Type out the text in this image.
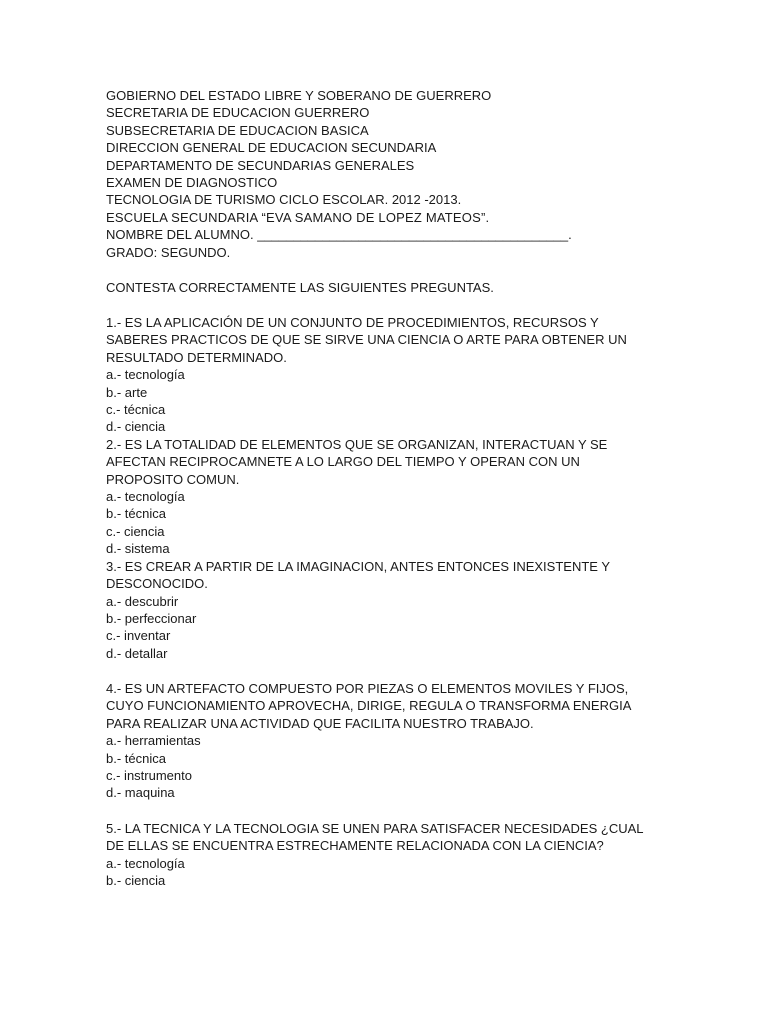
GOBIERNO DEL ESTADO LIBRE Y SOBERANO DE GUERRERO
SECRETARIA DE EDUCACION GUERRERO
SUBSECRETARIA DE EDUCACION BASICA
DIRECCION GENERAL DE EDUCACION SECUNDARIA
DEPARTAMENTO DE SECUNDARIAS GENERALES
EXAMEN DE DIAGNOSTICO
TECNOLOGIA DE TURISMO CICLO ESCOLAR. 2012 -2013.
ESCUELA SECUNDARIA “EVA SAMANO DE LOPEZ MATEOS”.
NOMBRE DEL ALUMNO. ___________________________________________.
GRADO: SEGUNDO.
CONTESTA CORRECTAMENTE LAS SIGUIENTES PREGUNTAS.
1.- ES LA APLICACIÓN DE UN CONJUNTO DE PROCEDIMIENTOS, RECURSOS Y
SABERES PRACTICOS DE QUE SE SIRVE UNA CIENCIA O ARTE PARA OBTENER UN
RESULTADO DETERMINADO.
a.- tecnología
b.- arte
c.- técnica
d.- ciencia
2.- ES LA TOTALIDAD DE ELEMENTOS QUE SE ORGANIZAN, INTERACTUAN Y SE
AFECTAN RECIPROCAMNETE A LO LARGO DEL TIEMPO Y OPERAN CON UN
PROPOSITO COMUN.
a.- tecnología
b.- técnica
c.- ciencia
d.- sistema
3.- ES CREAR A PARTIR DE LA IMAGINACION, ANTES ENTONCES INEXISTENTE Y
DESCONOCIDO.
a.- descubrir
b.- perfeccionar
c.- inventar
d.- detallar
4.- ES UN ARTEFACTO COMPUESTO POR PIEZAS O ELEMENTOS MOVILES Y FIJOS,
CUYO FUNCIONAMIENTO APROVECHA, DIRIGE, REGULA O TRANSFORMA ENERGIA
PARA REALIZAR UNA ACTIVIDAD QUE FACILITA NUESTRO TRABAJO.
a.- herramientas
b.- técnica
c.- instrumento
d.- maquina
5.- LA TECNICA Y LA TECNOLOGIA SE UNEN PARA SATISFACER NECESIDADES ¿CUAL
DE ELLAS SE ENCUENTRA ESTRECHAMENTE RELACIONADA CON LA CIENCIA?
a.- tecnología
b.- ciencia
